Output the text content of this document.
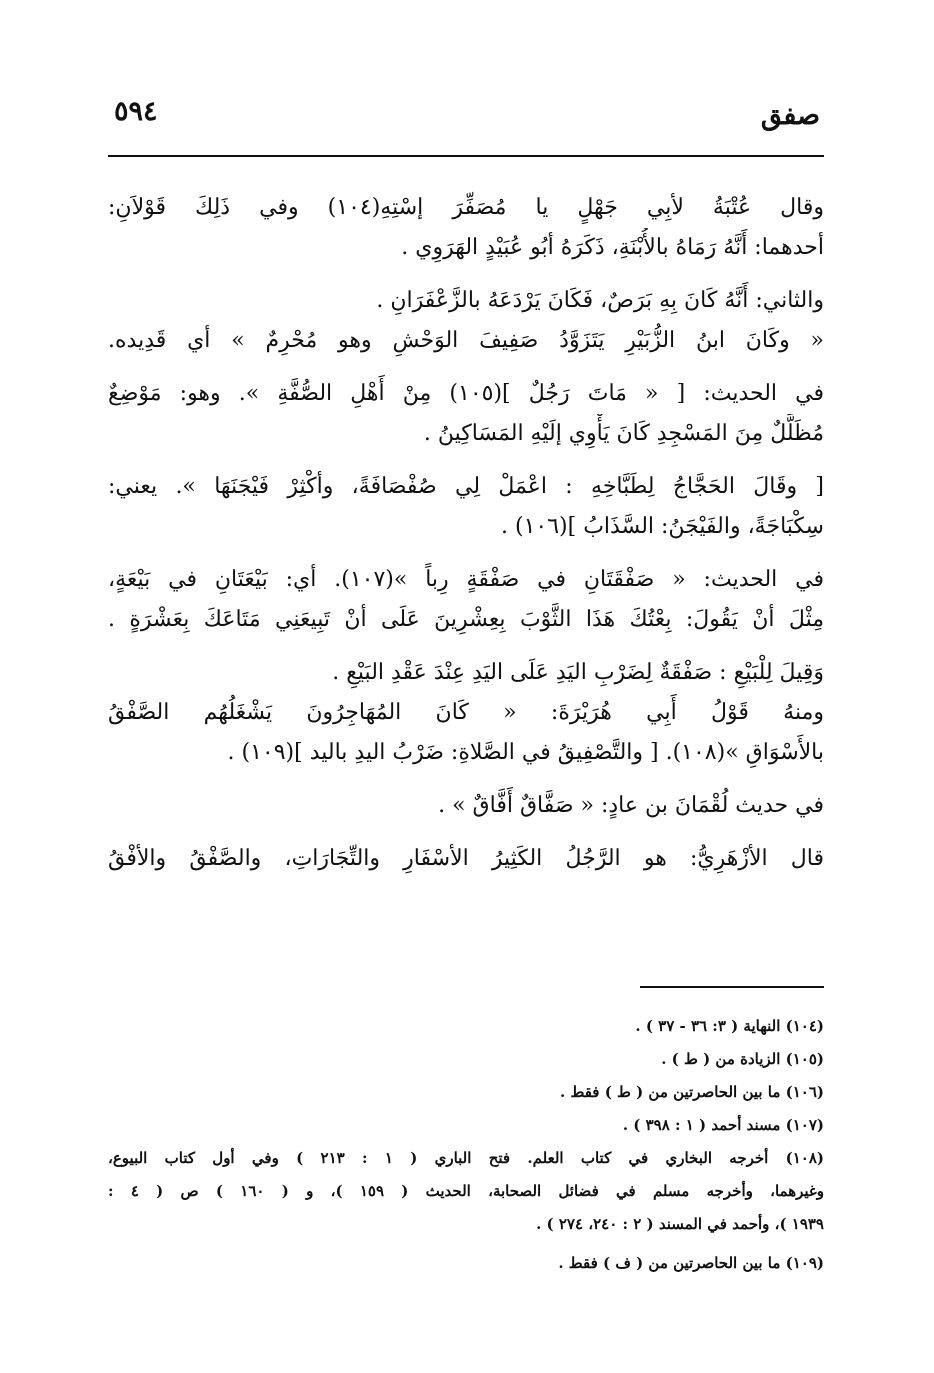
صفق
٥٩٤
وقال عُتْبَةُ لأبِي جَهْلٍ يا مُصَفِّرَ إسْتِهِ(١٠٤) وفي ذَلِكَ قَوْلاَنِ:
أحدهما: أَنَّهُ رَمَاهُ بالأُبْنَةِ، ذَكَرَهُ أبُو عُبَيْدٍ الهَرَوِي .
والثاني: أَنَّهُ كَانَ بِهِ بَرَصٌ، فَكَانَ يَرْدَعَهُ بالزَّعْفَرَانِ .
« وكَانَ ابنُ الزُّبَيْرِ يَتَزَوَّدُ صَفِيفَ الوَحْشِ وهو مُحْرِمٌ » أي قَدِيده.
في الحديث: [ « مَاتَ رَجُلٌ ](١٠٥) مِنْ أَهْلِ الصُّفَّةِ ». وهو: مَوْضِعٌ
مُظَلَّلٌ مِنَ المَسْجِدِ كَانَ يَأْوِي إلَيْهِ المَسَاكِينُ .
[ وقَالَ الحَجَّاجُ لِطَبَّاخِهِ : اعْمَلْ لِي صُفْصَافَةً، وأكْثِرْ فَيْجَنَهَا ». يعني:
سِكْبَاجَةً، والفَيْجَنُ: السَّذَابُ ](١٠٦) .
في الحديث: « صَفْقَتَانِ في صَفْقَةٍ رِباً »(١٠٧). أي: بَيْعَتَانِ في بَيْعَةٍ،
مِثْلَ أنْ يَقُولَ: بِعْتُكَ هَذَا الثَّوْبَ بِعِشْرِينَ عَلَى أنْ تَبِيعَنِي مَتَاعَكَ بِعَشْرَةٍ .
وَقِيلَ لِلْبَيْعِ : صَفْقَةٌ لِضَرْبِ اليَدِ عَلَى اليَدِ عِنْدَ عَقْدِ البَيْعِ .
ومنهُ قَوْلُ أَبِي هُرَيْرَةَ: « كَانَ المُهَاجِرُونَ يَشْغَلُهُم الصَّفْقُ
بالأَسْوَاقِ »(١٠٨). [ والتَّصْفِيقُ في الصَّلاةِ: ضَرْبُ اليدِ باليد ](١٠٩) .
في حديث لُقْمَانَ بن عادٍ: « صَفَّاقٌ أَفَّاقٌ » .
قال الأزْهَرِيُّ: هو الرَّجُلُ الكَثِيرُ الأسْفَارِ والتِّجَارَاتِ، والصَّفْقُ والأفْقُ
(١٠٤) النهاية ( ٣: ٣٦ - ٣٧ ) .
(١٠٥) الزيادة من ( ط ) .
(١٠٦) ما بين الحاصرتين من ( ط ) فقط .
(١٠٧) مسند أحمد ( ١ : ٣٩٨ ) .
(١٠٨) أخرجه البخاري في كتاب العلم. فتح الباري ( ١ : ٢١٣ ) وفي أول كتاب البيوع،
وغيرهما، وأخرجه مسلم في فضائل الصحابة، الحديث ( ١٥٩ )، و ( ١٦٠ ) ص ( ٤ :
١٩٣٩ )، وأحمد في المسند ( ٢ : ٢٤٠، ٢٧٤ ) .
(١٠٩) ما بين الحاصرتين من ( ف ) فقط .
